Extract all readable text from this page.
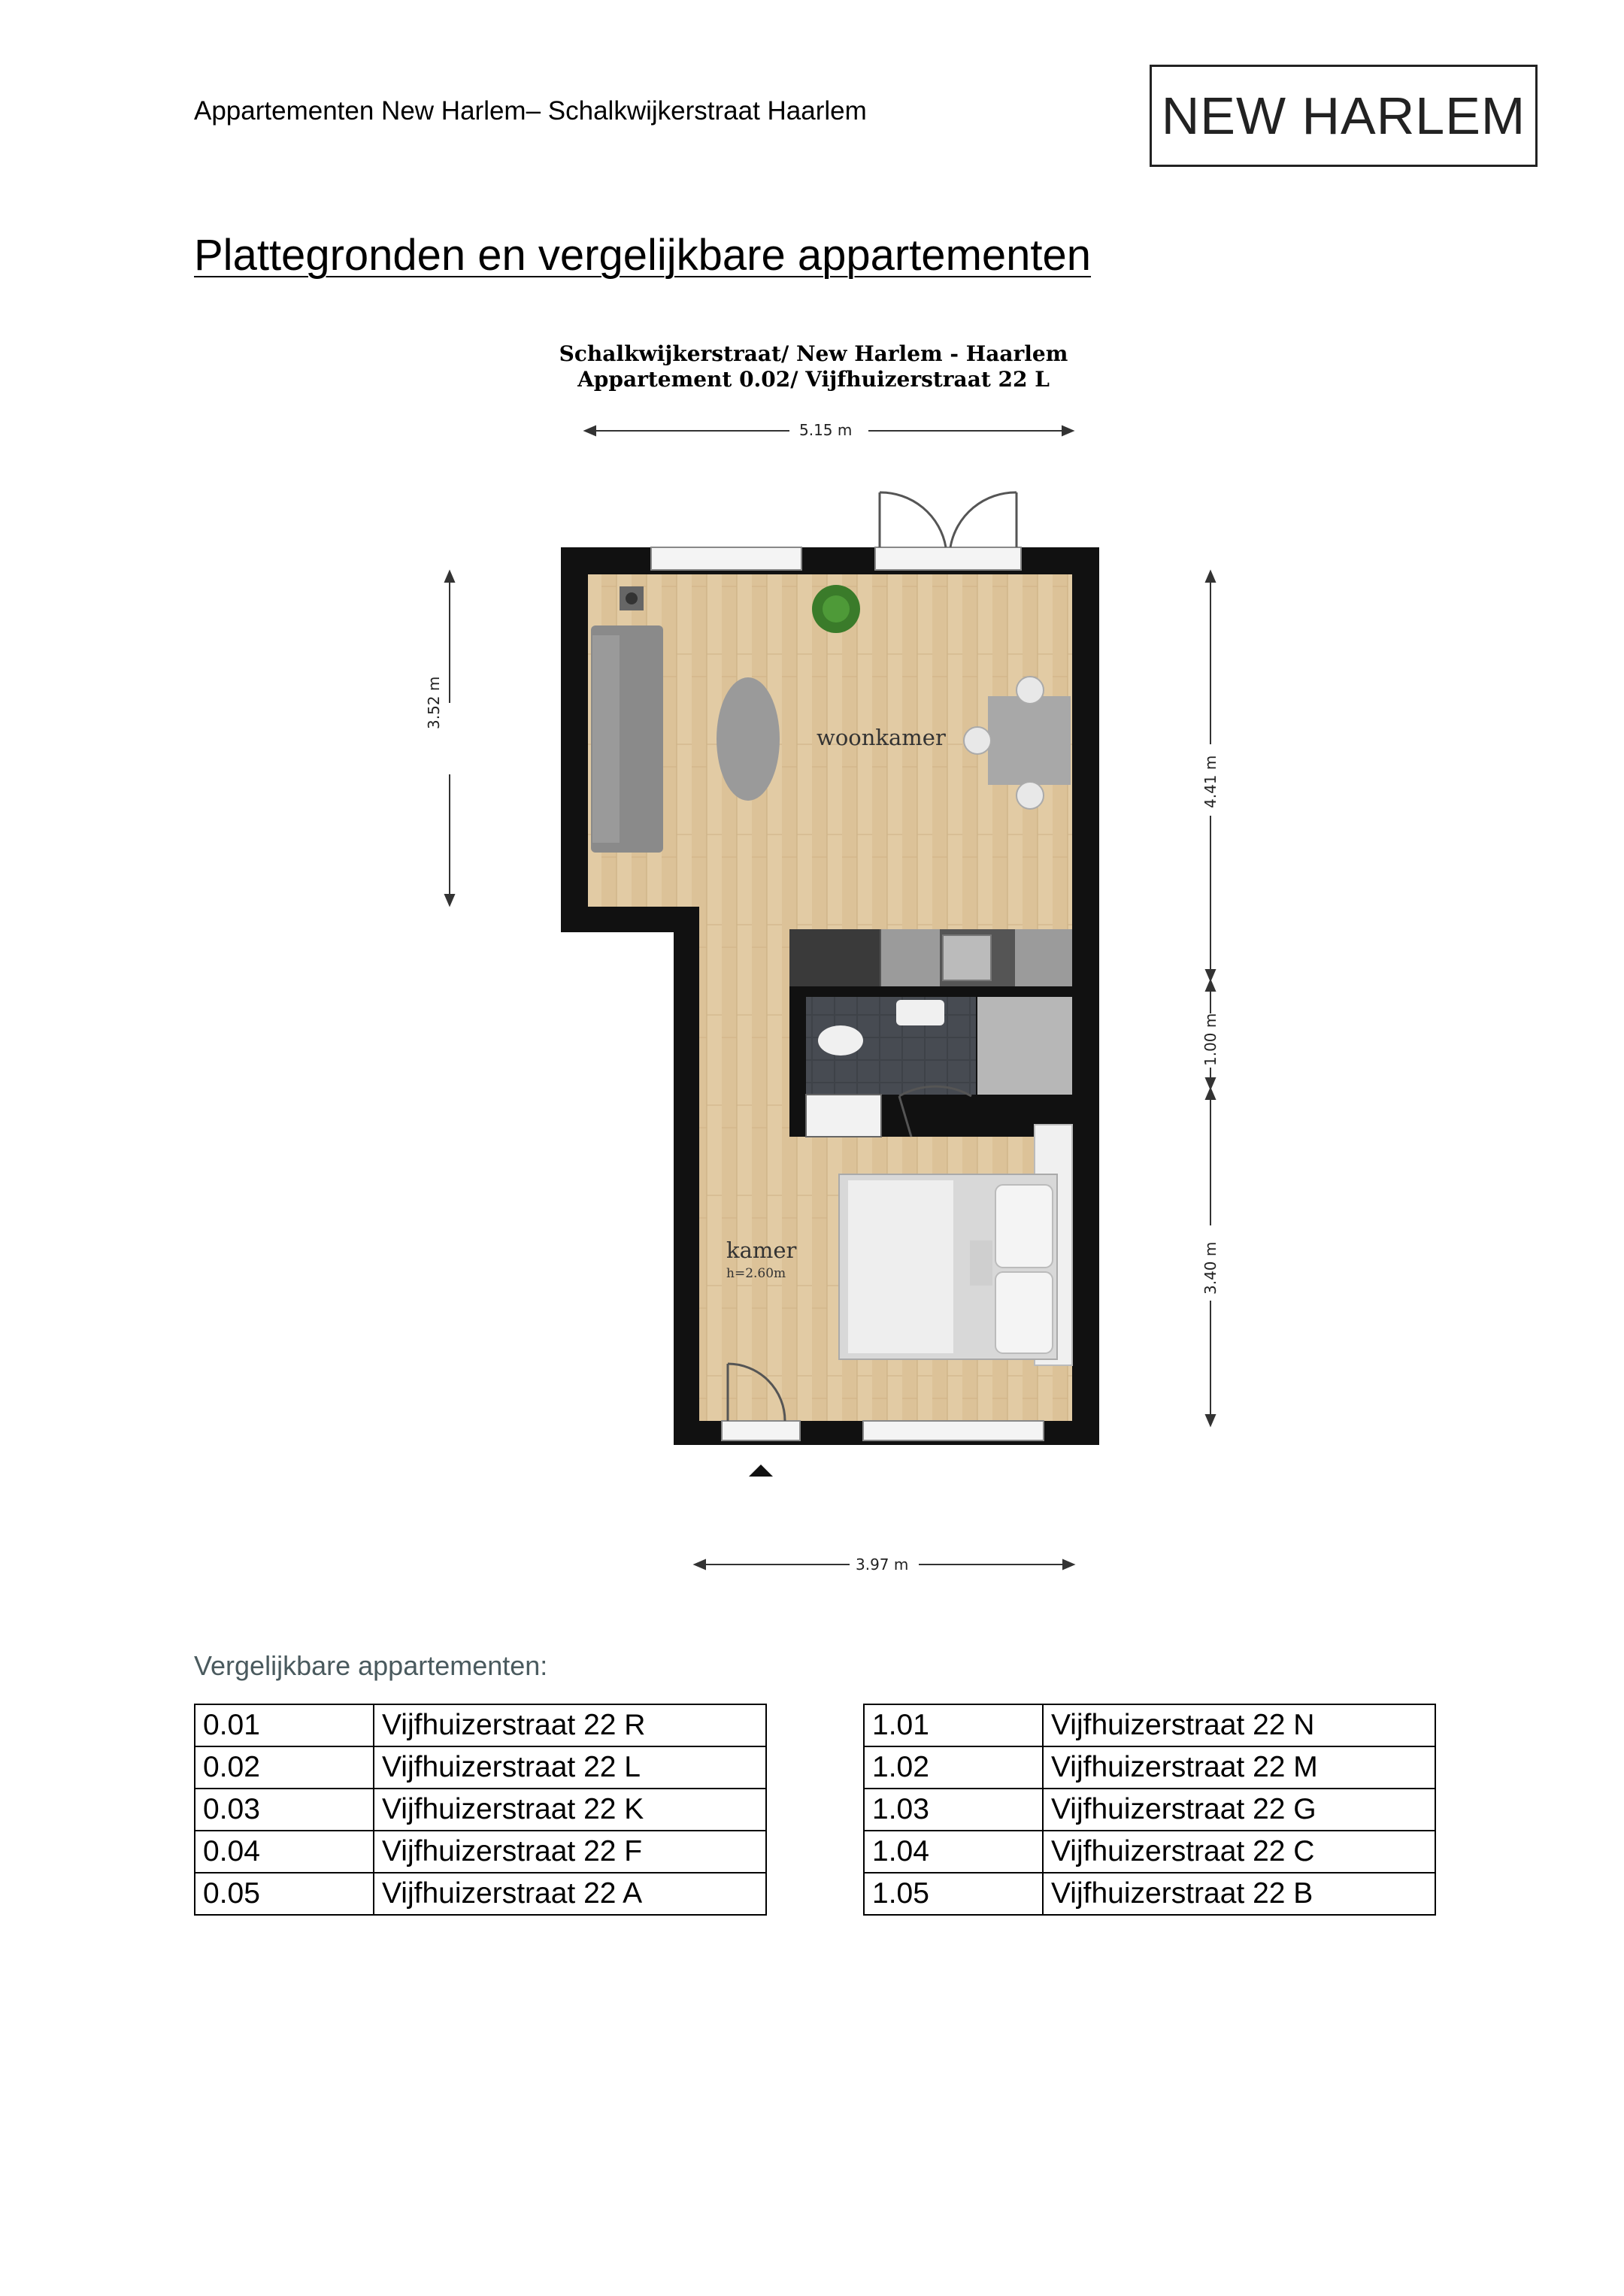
Appartementen New Harlem– Schalkwijkerstraat Haarlem	NEW HARLEM
Plattegronden en vergelijkbare appartementen
Schalkwijkerstraat/ New Harlem - Haarlem
Appartement 0.02/ Vijfhuizerstraat 22 L
5.15 m
3.97 m
3.52 m
4.41 m
1.00 m
3.40 m
woonkamer
kamer
h=2.60m
Vergelijkbare appartementen:
0.01	Vijfhuizerstraat 22 R
0.02	Vijfhuizerstraat 22 L
0.03	Vijfhuizerstraat 22 K
0.04	Vijfhuizerstraat 22 F
0.05	Vijfhuizerstraat 22 A
1.01	Vijfhuizerstraat 22 N
1.02	Vijfhuizerstraat 22 M
1.03	Vijfhuizerstraat 22 G
1.04	Vijfhuizerstraat 22 C
1.05	Vijfhuizerstraat 22 B
